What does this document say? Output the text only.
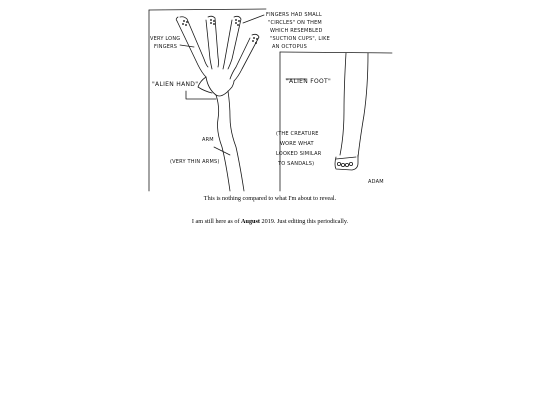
FINGERS HAD SMALL
"CIRCLES" ON THEM
WHICH RESEMBLED
"SUCTION CUPS", LIKE
AN OCTOPUS
VERY LONG
FINGERS
"ALIEN HAND"
ARM
(VERY THIN ARMS)
"ALIEN FOOT"
(THE CREATURE
WORE WHAT
LOOKED SIMILAR
TO SANDALS)
ADAM
This is nothing compared to what I'm about to reveal.
I am still here as of August 2019. Just editing this periodically.
